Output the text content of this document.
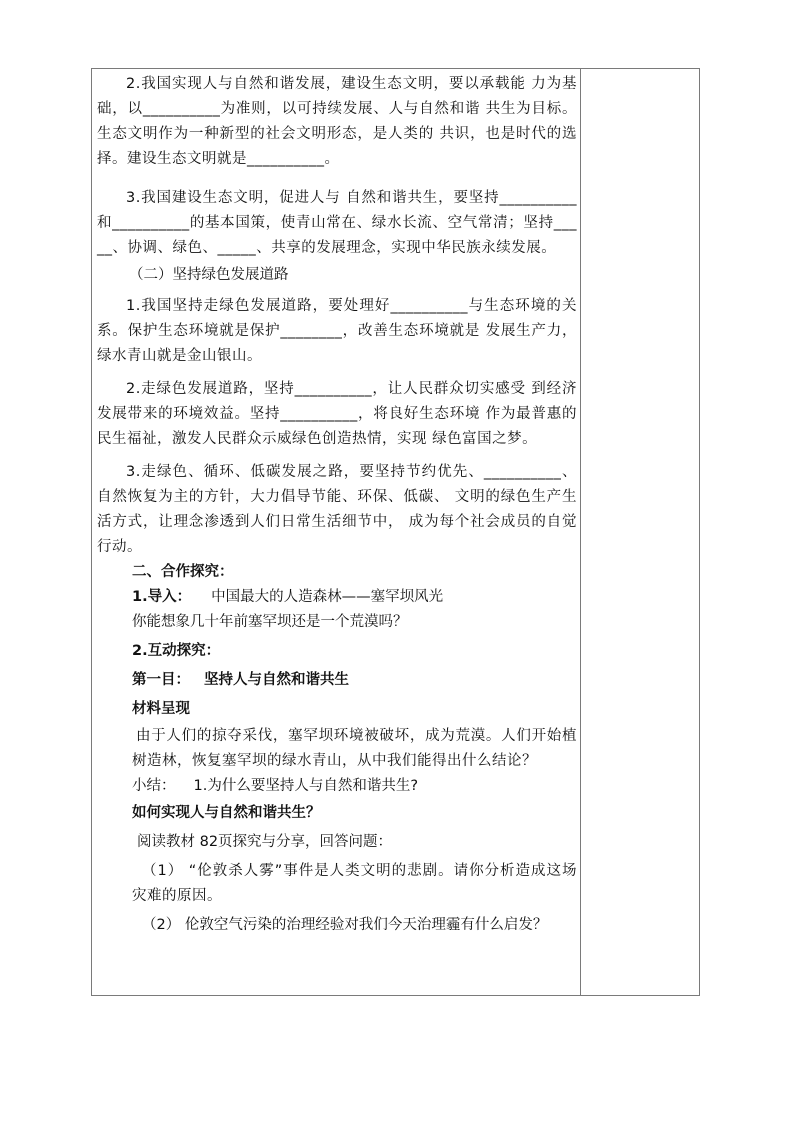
2.我国实现人与自然和谐发展，建设生态文明，要以承载能 力为基础，以__________为准则，以可持续发展、人与自然和谐 共生为目标。生态文明作为一种新型的社会文明形态，是人类的 共识，也是时代的选择。建设生态文明就是__________。
3.我国建设生态文明，促进人与 自然和谐共生，要坚持__________和__________的基本国策，使青山常在、绿水长流、空气常清；坚持_____、协调、绿色、_____、共享的发展理念，实现中华民族永续发展。
（二）坚持绿色发展道路
1.我国坚持走绿色发展道路，要处理好__________与生态环境的关系。保护生态环境就是保护________，改善生态环境就是 发展生产力，绿水青山就是金山银山。
2.走绿色发展道路，坚持__________，让人民群众切实感受 到经济发展带来的环境效益。坚持__________，将良好生态环境 作为最普惠的民生福祉，激发人民群众示威绿色创造热情，实现 绿色富国之梦。
3.走绿色、循环、低碳发展之路，要坚持节约优先、__________、自然恢复为主的方针，大力倡导节能、环保、低碳、 文明的绿色生产生活方式，让理念渗透到人们日常生活细节中， 成为每个社会成员的自觉行动。
二、合作探究：
1.导入： 中国最大的人造森林——塞罕坝风光
你能想象几十年前塞罕坝还是一个荒漠吗？
2.互动探究：
第一目： 坚持人与自然和谐共生
材料呈现
由于人们的掠夺采伐，塞罕坝环境被破坏，成为荒漠。人们开始植树造林，恢复塞罕坝的绿水青山，从中我们能得出什么结论？
小结： 1.为什么要坚持人与自然和谐共生?
如何实现人与自然和谐共生？
阅读教材 82页探究与分享，回答问题：
（1） “伦敦杀人雾”事件是人类文明的悲剧。请你分析造成这场灾难的原因。
（2） 伦敦空气污染的治理经验对我们今天治理霾有什么启发？
